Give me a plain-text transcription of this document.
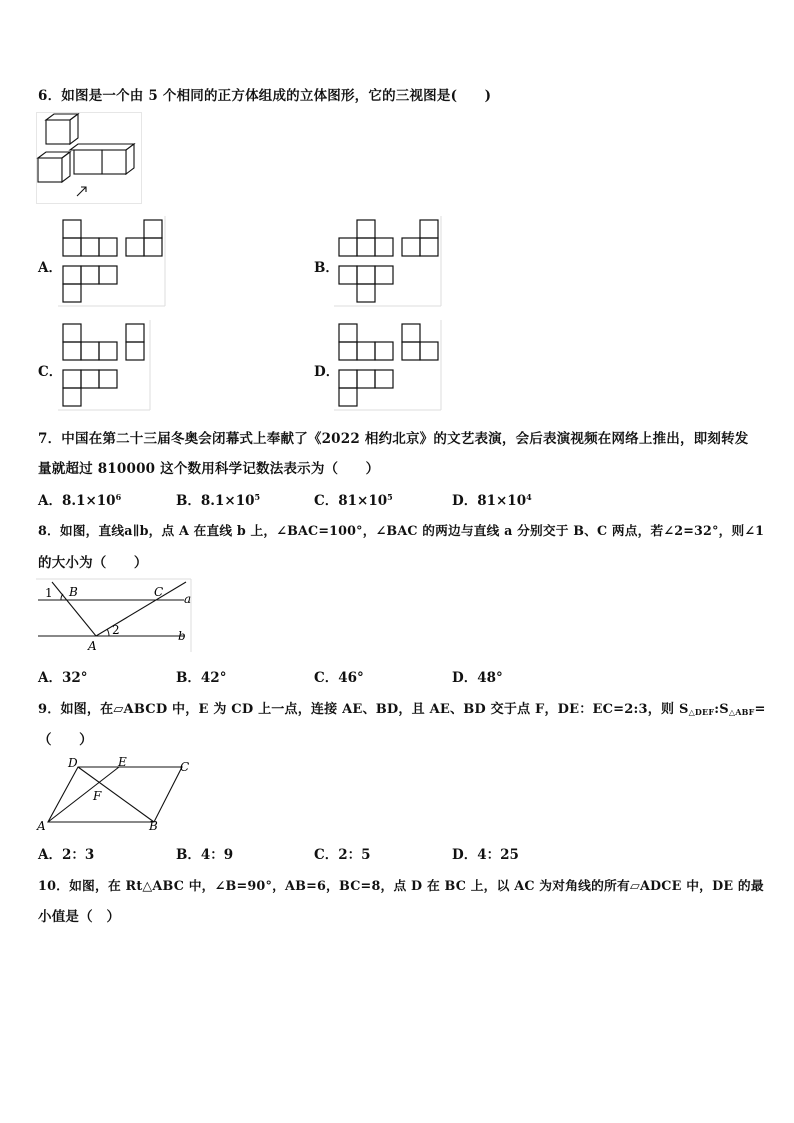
6．如图是一个由 5 个相同的正方体组成的立体图形，它的三视图是(　　)
A．	B．
C．	D．
7．中国在第二十三届冬奥会闭幕式上奉献了《2022 相约北京》的文艺表演，会后表演视频在网络上推出，即刻转发
量就超过 810000 这个数用科学记数法表示为（　　）
A．$8.1\times 10^6$	B．$8.1\times 10^5$	C．$81\times 10^5$	D．$81\times 10^4$
8．如图，直线a∥b，点 A 在直线 b 上，∠BAC=100°，∠BAC 的两边与直线 a 分别交于 B、C 两点，若∠2=32°，则∠1
的大小为（　　）
1 B	C a
2
A
b
A．32°	B．42°	C．46°	D．48°
9．如图，在▱ABCD 中，E 为 CD 上一点，连接 AE、BD，且 AE、BD 交于点 F，DE：EC=2:3，则 $S_{\triangle DEF}:S_{\triangle ABF}=$
（　　）
D	E	C
F
A	B
A．2：3	B．4：9	C．2：5	D．4：25
10．如图，在 Rt△ABC 中，∠B=90°，AB=6，BC=8，点 D 在 BC 上，以 AC 为对角线的所有▱ADCE 中，DE 的最
小值是（　）
